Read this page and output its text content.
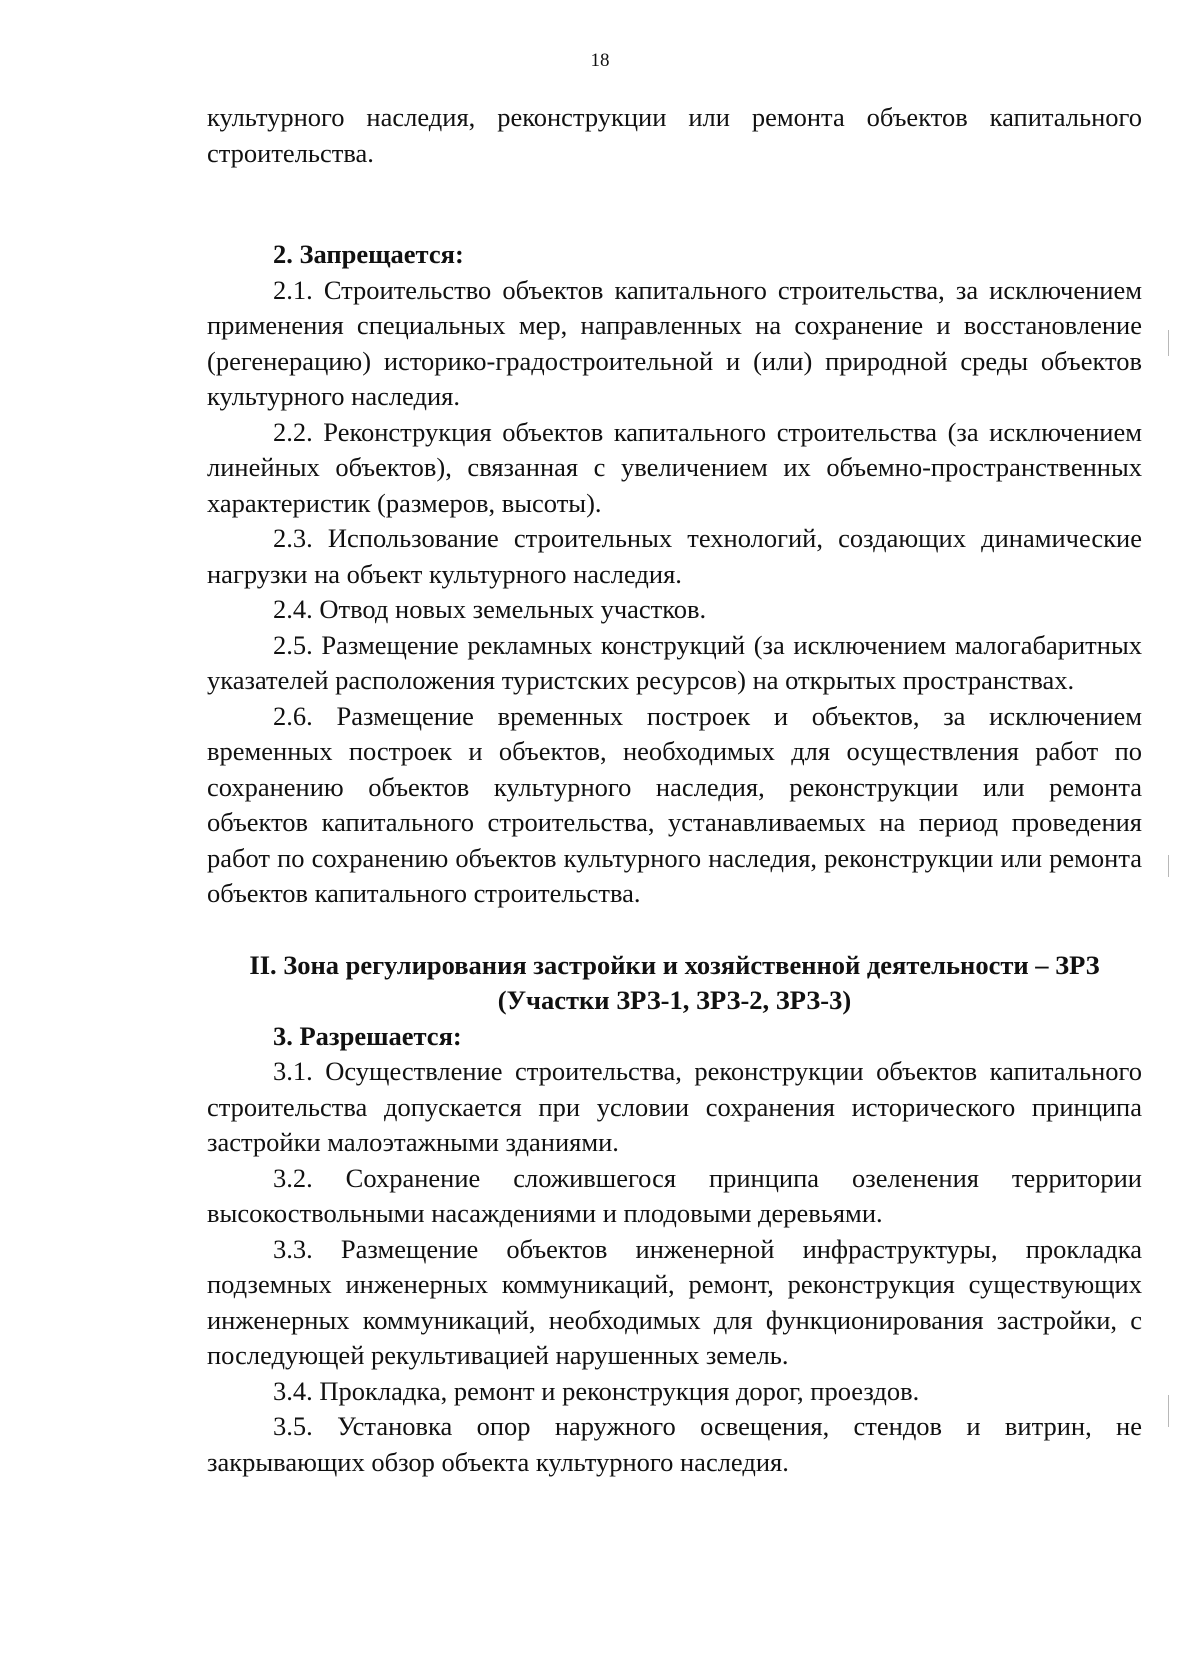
18

культурного наследия, реконструкции или ремонта объектов капитального строительства.

2. Запрещается:

2.1. Строительство объектов капитального строительства, за исключением применения специальных мер, направленных на сохранение и восстановление (регенерацию) историко-градостроительной и (или) природной среды объектов культурного наследия.

2.2. Реконструкция объектов капитального строительства (за исключением линейных объектов), связанная с увеличением их объемно-пространственных характеристик (размеров, высоты).

2.3. Использование строительных технологий, создающих динамические нагрузки на объект культурного наследия.

2.4. Отвод новых земельных участков.

2.5. Размещение рекламных конструкций (за исключением малогабаритных указателей расположения туристских ресурсов) на открытых пространствах.

2.6. Размещение временных построек и объектов, за исключением временных построек и объектов, необходимых для осуществления работ по сохранению объектов культурного наследия, реконструкции или ремонта объектов капитального строительства, устанавливаемых на период проведения работ по сохранению объектов культурного наследия, реконструкции или ремонта объектов капитального строительства.

II. Зона регулирования застройки и хозяйственной деятельности – ЗРЗ
(Участки ЗРЗ-1, ЗРЗ-2, ЗРЗ-3)

3. Разрешается:

3.1. Осуществление строительства, реконструкции объектов капитального строительства допускается при условии сохранения исторического принципа застройки малоэтажными зданиями.

3.2. Сохранение сложившегося принципа озеленения территории высокоствольными насаждениями и плодовыми деревьями.

3.3. Размещение объектов инженерной инфраструктуры, прокладка подземных инженерных коммуникаций, ремонт, реконструкция существующих инженерных коммуникаций, необходимых для функционирования застройки, с последующей рекультивацией нарушенных земель.

3.4. Прокладка, ремонт и реконструкция дорог, проездов.

3.5. Установка опор наружного освещения, стендов и витрин, не закрывающих обзор объекта культурного наследия.
